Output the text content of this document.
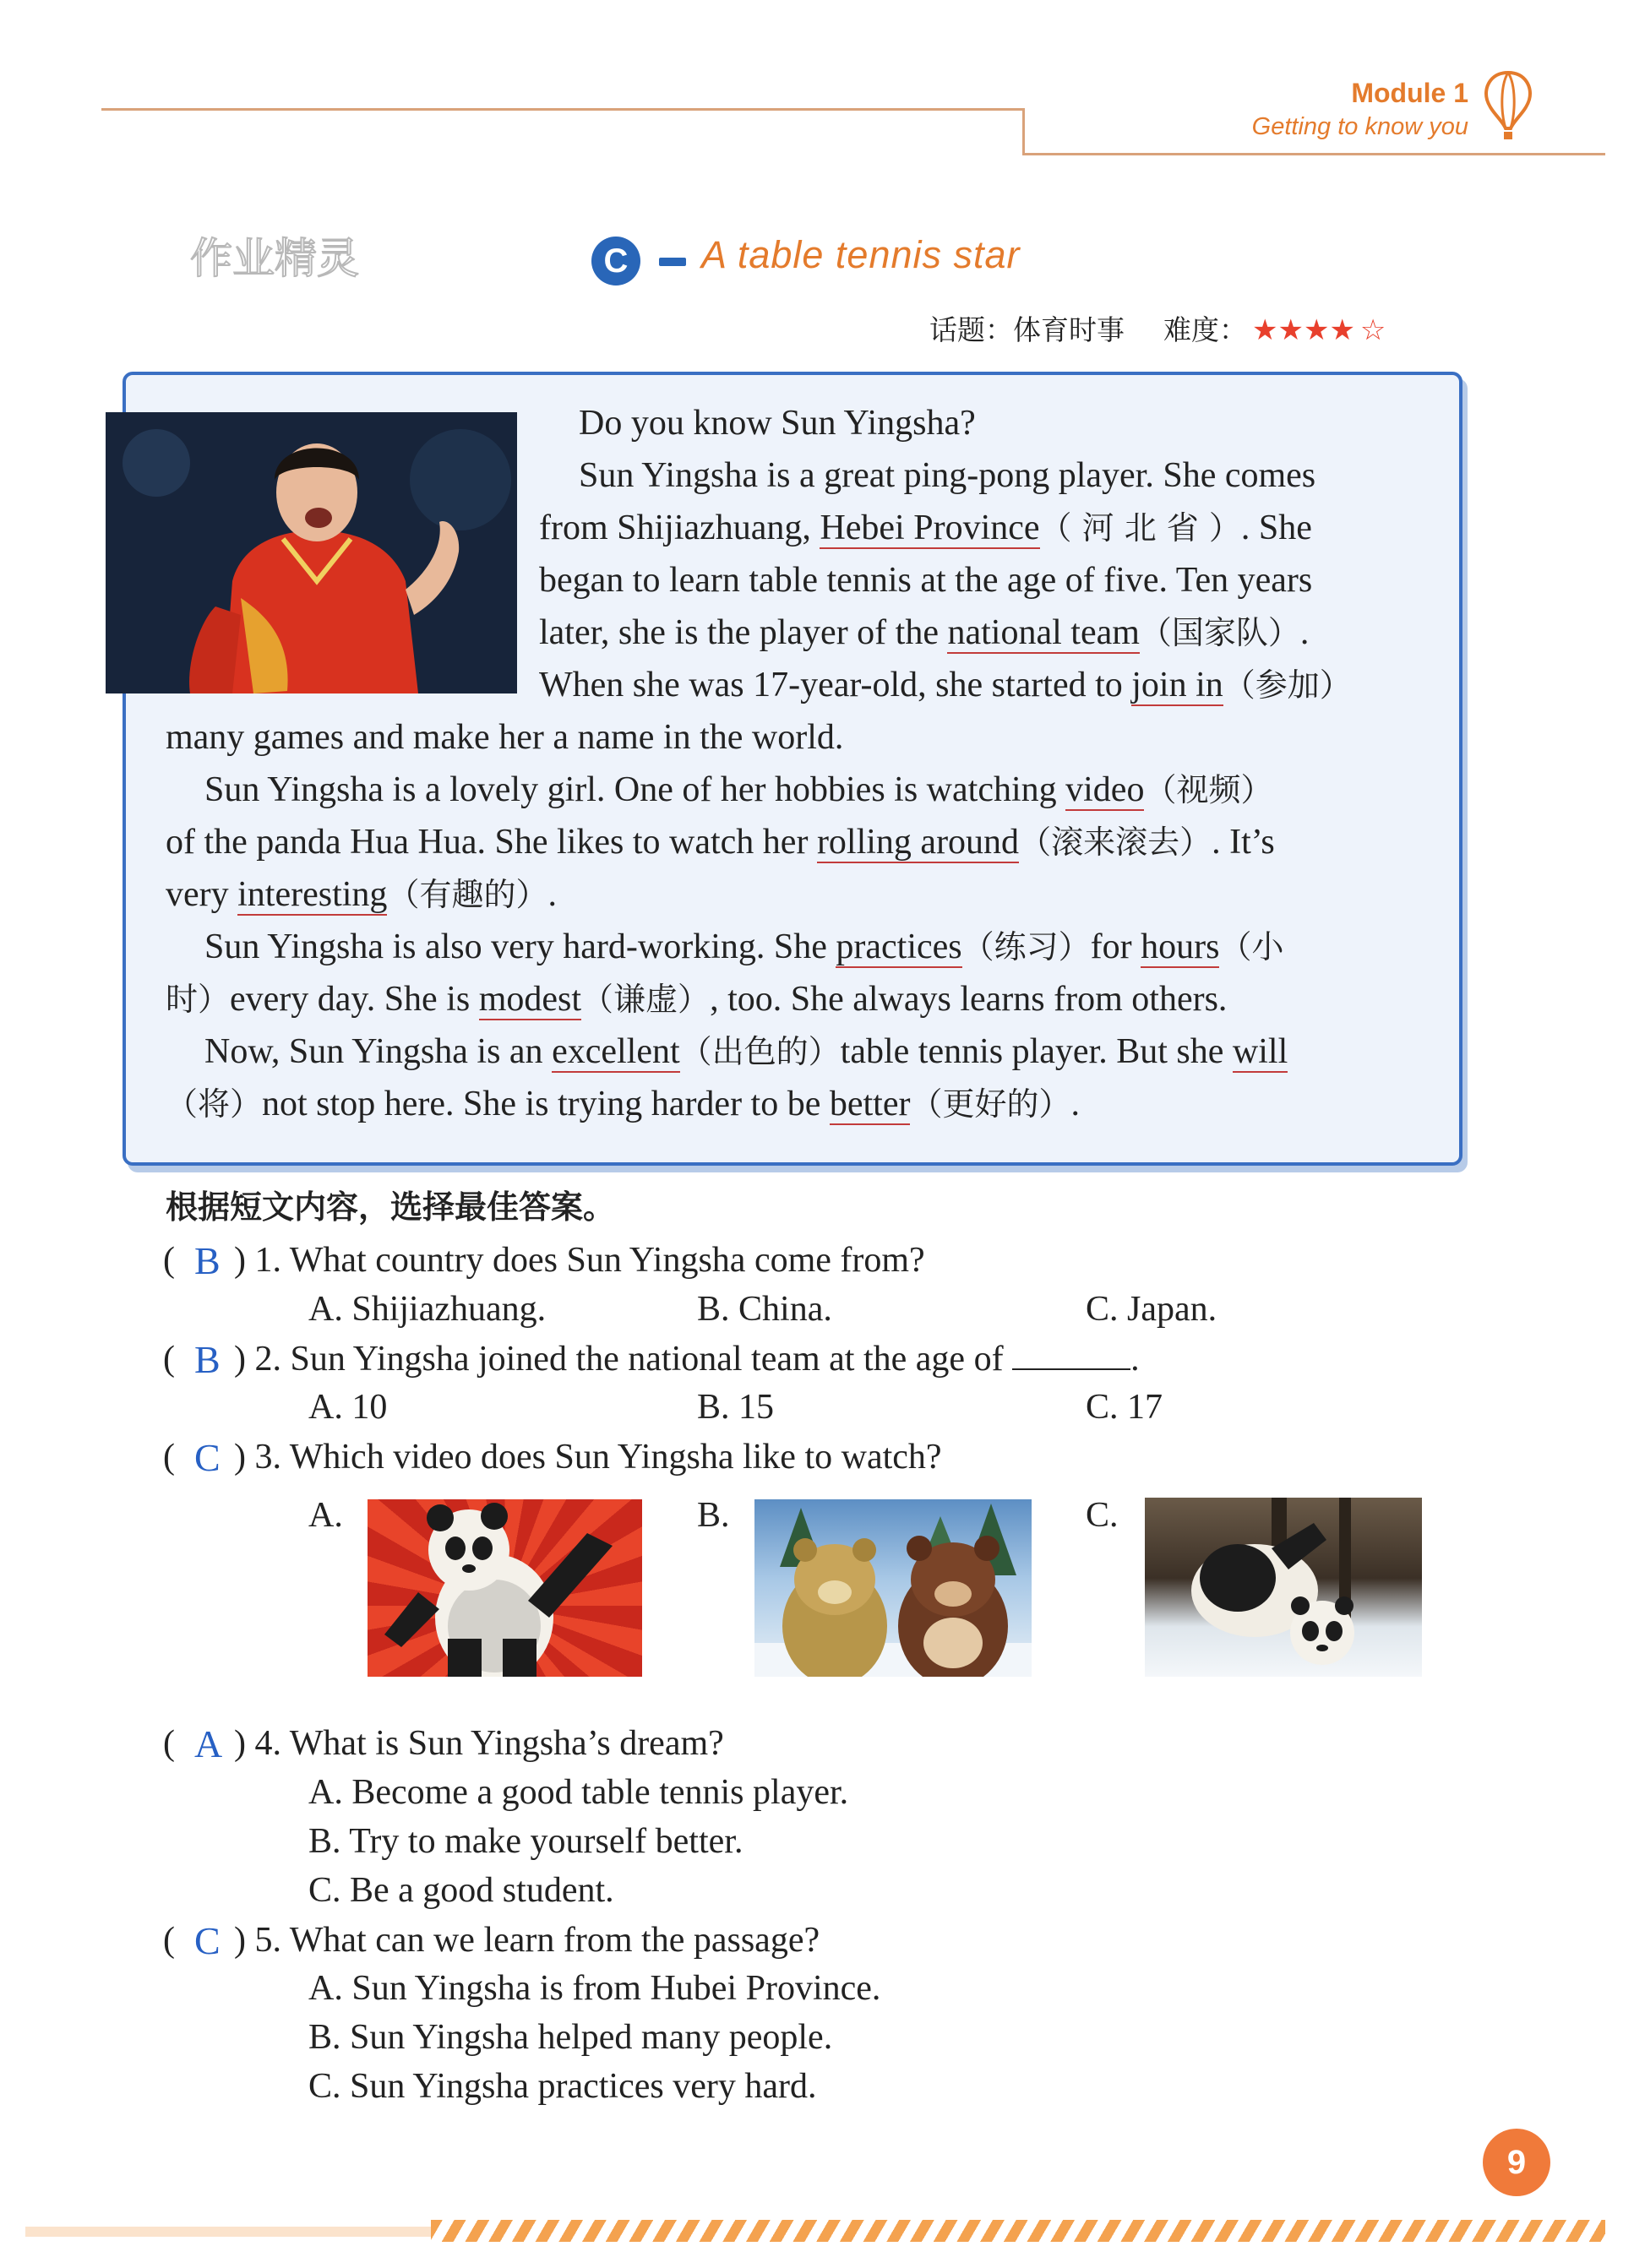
Module 1
Getting to know you
作业精灵	C	A table tennis star
话题：体育时事 难度： ★★★★ ☆
Do you know Sun Yingsha?
Sun Yingsha is a great ping-pong player. She comes
from Shijiazhuang, Hebei Province（ 河 北 省 ）. She
began to learn table tennis at the age of five. Ten years
later, she is the player of the national team（国家队）.
When she was 17-year-old, she started to join in（参加）
many games and make her a name in the world.
Sun Yingsha is a lovely girl. One of her hobbies is watching video（视频）
of the panda Hua Hua. She likes to watch her rolling around（滚来滚去）. It’s
very interesting（有趣的）.
Sun Yingsha is also very hard-working. She practices（练习）for hours（小
时）every day. She is modest（谦虚）, too. She always learns from others.
Now, Sun Yingsha is an excellent（出色的）table tennis player. But she will
（将）not stop here. She is trying harder to be better（更好的）.
根据短文内容，选择最佳答案。
( ) 1. What country does Sun Yingsha come from?
B
A. Shijiazhuang.	B. China.	C. Japan.
( ) 2. Sun Yingsha joined the national team at the age of	.
B
A. 10	B. 15	C. 17
( ) 3. Which video does Sun Yingsha like to watch?
C
A.	B.	C.
( ) 4. What is Sun Yingsha’s dream?
A
A. Become a good table tennis player.
B. Try to make yourself better.
C. Be a good student.
( ) 5. What can we learn from the passage?
C
A. Sun Yingsha is from Hubei Province.
B. Sun Yingsha helped many people.
C. Sun Yingsha practices very hard.
9
